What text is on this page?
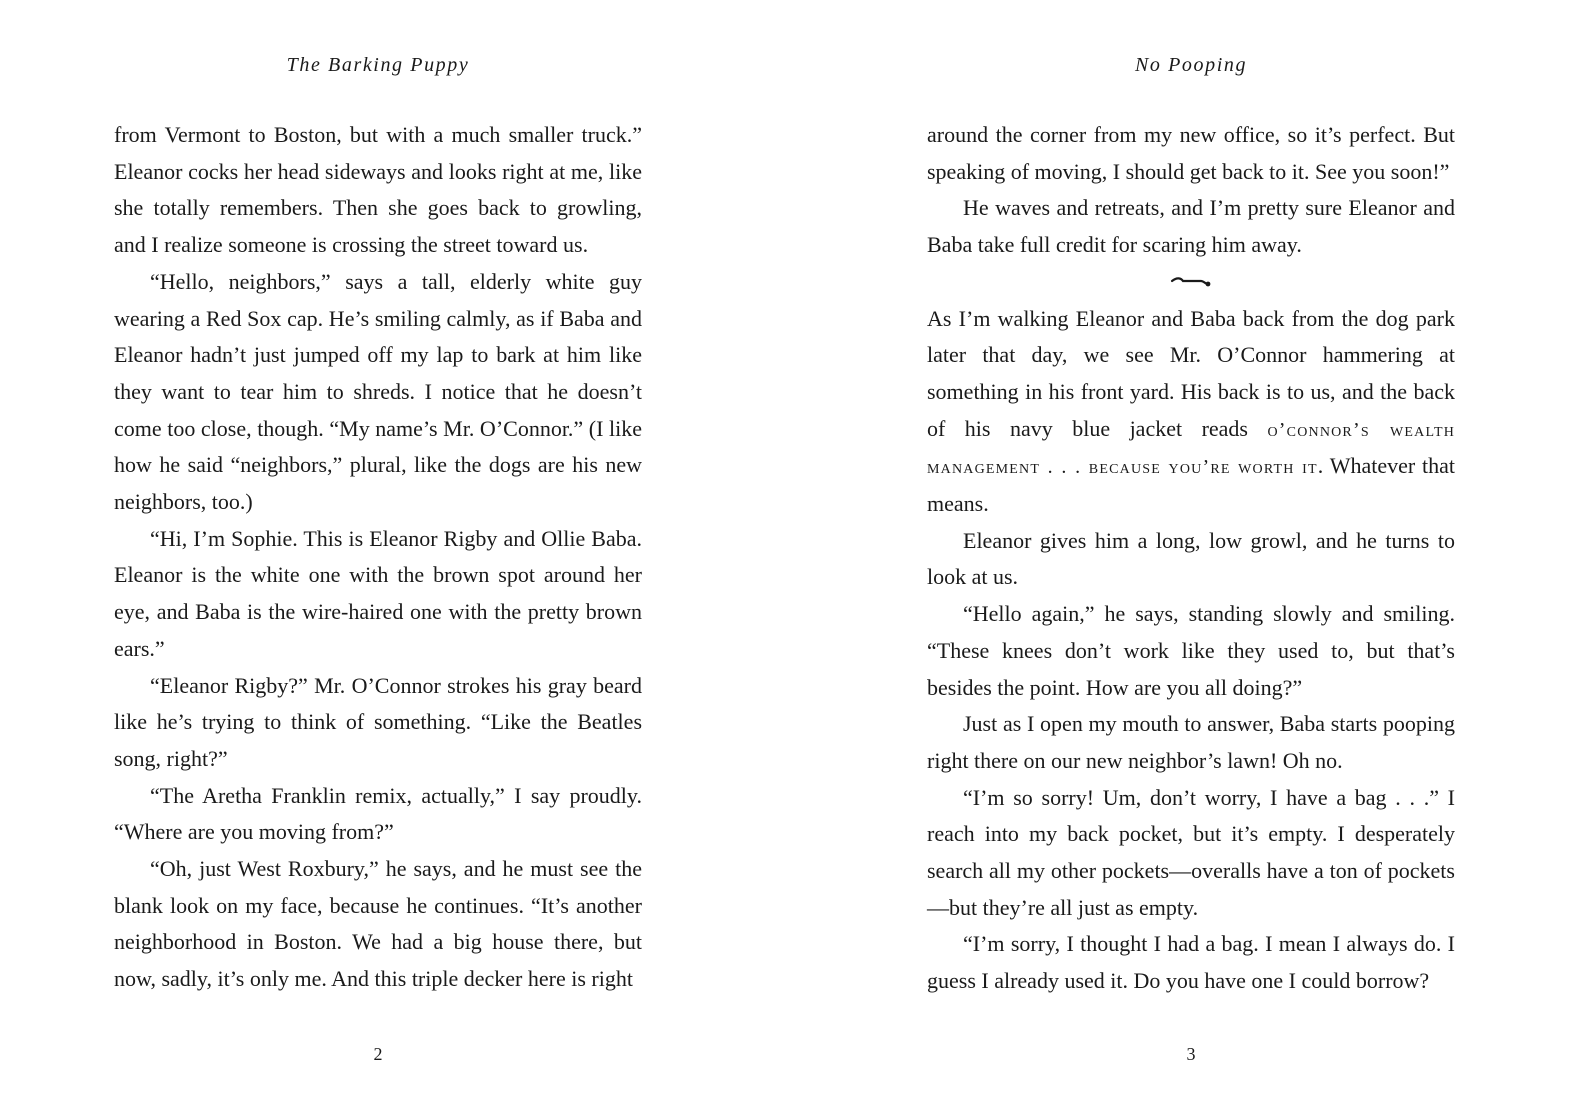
The Barking Puppy

from Vermont to Boston, but with a much smaller truck.” Eleanor cocks her head sideways and looks right at me, like she totally remembers. Then she goes back to growling, and I realize someone is crossing the street toward us.

“Hello, neighbors,” says a tall, elderly white guy wearing a Red Sox cap. He’s smiling calmly, as if Baba and Eleanor hadn’t just jumped off my lap to bark at him like they want to tear him to shreds. I notice that he doesn’t come too close, though. “My name’s Mr. O’Connor.” (I like how he said “neighbors,” plural, like the dogs are his new neighbors, too.)

“Hi, I’m Sophie. This is Eleanor Rigby and Ollie Baba. Eleanor is the white one with the brown spot around her eye, and Baba is the wire-haired one with the pretty brown ears.”

“Eleanor Rigby?” Mr. O’Connor strokes his gray beard like he’s trying to think of something. “Like the Beatles song, right?”

“The Aretha Franklin remix, actually,” I say proudly. “Where are you moving from?”

“Oh, just West Roxbury,” he says, and he must see the blank look on my face, because he continues. “It’s another neighborhood in Boston. We had a big house there, but now, sadly, it’s only me. And this triple decker here is right

2
No Pooping

around the corner from my new office, so it’s perfect. But speaking of moving, I should get back to it. See you soon!”

He waves and retreats, and I’m pretty sure Eleanor and Baba take full credit for scaring him away.

As I’m walking Eleanor and Baba back from the dog park later that day, we see Mr. O’Connor hammering at something in his front yard. His back is to us, and the back of his navy blue jacket reads o’connor’s wealth management . . . because you’re worth it. Whatever that means.

Eleanor gives him a long, low growl, and he turns to look at us.

“Hello again,” he says, standing slowly and smiling. “These knees don’t work like they used to, but that’s besides the point. How are you all doing?”

Just as I open my mouth to answer, Baba starts pooping right there on our new neighbor’s lawn! Oh no.

“I’m so sorry! Um, don’t worry, I have a bag . . .” I reach into my back pocket, but it’s empty. I desperately search all my other pockets—overalls have a ton of pockets—but they’re all just as empty.

“I’m sorry, I thought I had a bag. I mean I always do. I guess I already used it. Do you have one I could borrow?

3
